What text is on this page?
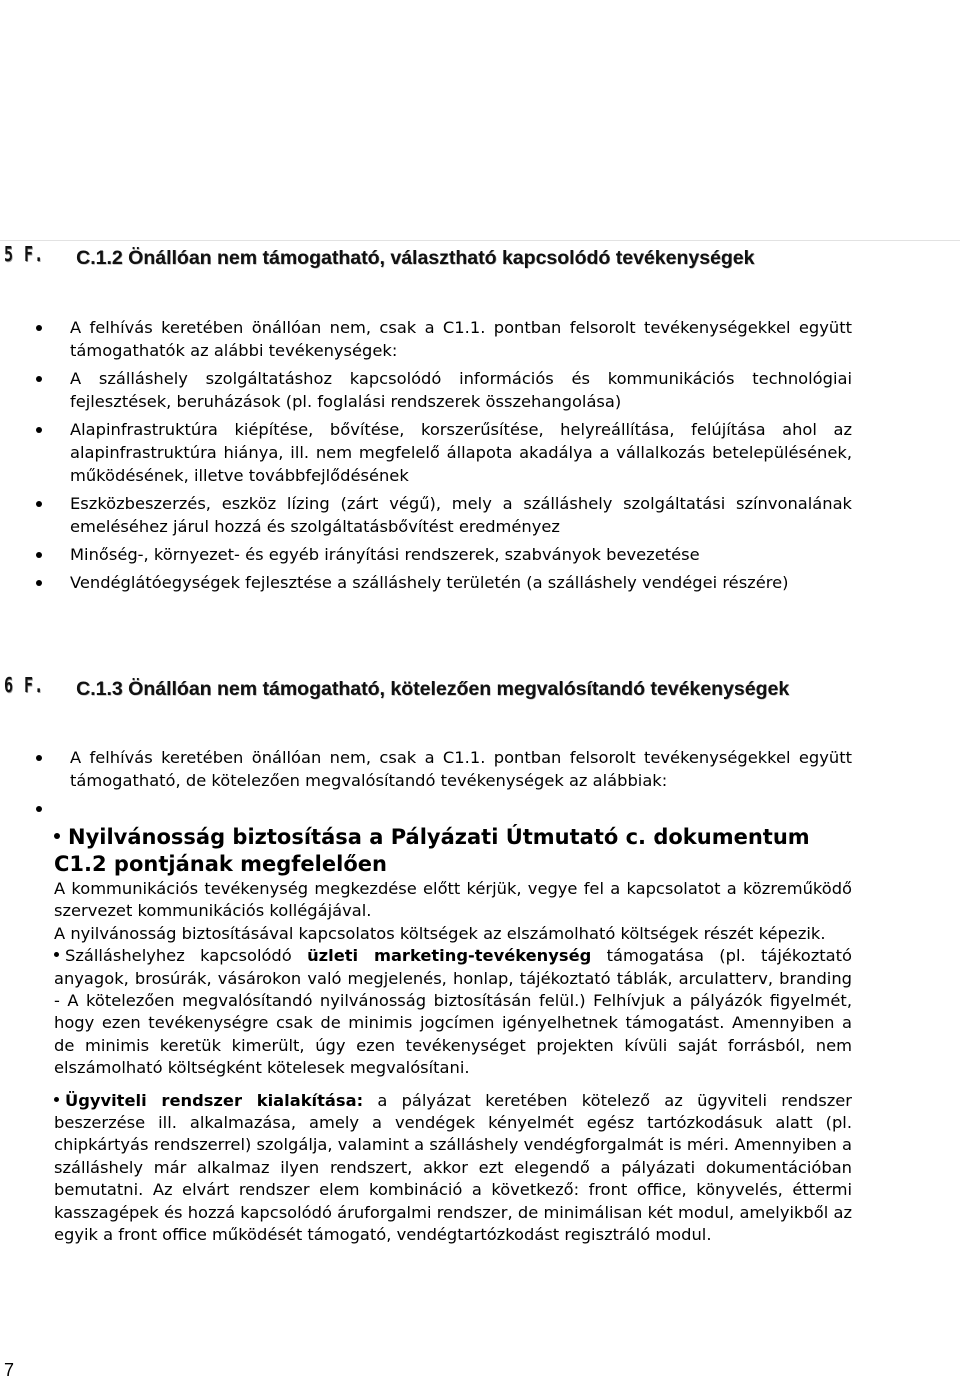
5 F. C.1.2 Önállóan nem támogatható, választható kapcsolódó tevékenységek
A felhívás keretében önállóan nem, csak a C1.1. pontban felsorolt tevékenységekkel együtt támogathatók az alábbi tevékenységek:
A szálláshely szolgáltatáshoz kapcsolódó információs és kommunikációs technológiai fejlesztések, beruházások (pl. foglalási rendszerek összehangolása)
Alapinfrastruktúra kiépítése, bővítése, korszerűsítése, helyreállítása, felújítása ahol az alapinfrastruktúra hiánya, ill. nem megfelelő állapota akadálya a vállalkozás betelepülésének, működésének, illetve továbbfejlődésének
Eszközbeszerzés, eszköz lízing (zárt végű), mely a szálláshely szolgáltatási színvonalának emeléséhez járul hozzá és szolgáltatásbővítést eredményez
Minőség-, környezet- és egyéb irányítási rendszerek, szabványok bevezetése
Vendéglátóegységek fejlesztése a szálláshely területén (a szálláshely vendégei részére)
6 F. C.1.3 Önállóan nem támogatható, kötelezően megvalósítandó tevékenységek
A felhívás keretében önállóan nem, csak a C1.1. pontban felsorolt tevékenységekkel együtt támogatható, de kötelezően megvalósítandó tevékenységek az alábbiak:
Nyilvánosság biztosítása a Pályázati Útmutató c. dokumentum C1.2 pontjának megfelelően

A kommunikációs tevékenység megkezdése előtt kérjük, vegye fel a kapcsolatot a közreműködő szervezet kommunikációs kollégájával.

A nyilvánosság biztosításával kapcsolatos költségek az elszámolható költségek részét képezik.

Szálláshelyhez kapcsolódó üzleti marketing-tevékenység támogatása (pl. tájékoztató anyagok, brosúrák, vásárokon való megjelenés, honlap, tájékoztató táblák, arculatterv, branding - A kötelezően megvalósítandó nyilvánosság biztosításán felül.) Felhívjuk a pályázók figyelmét, hogy ezen tevékenységre csak de minimis jogcímen igényelhetnek támogatást. Amennyiben a de minimis keretük kimerült, úgy ezen tevékenységet projekten kívüli saját forrásból, nem elszámolható költségként kötelesek megvalósítani.

Ügyviteli rendszer kialakítása: a pályázat keretében kötelező az ügyviteli rendszer beszerzése ill. alkalmazása, amely a vendégek kényelmét egész tartózkodásuk alatt (pl. chipkártyás rendszerrel) szolgálja, valamint a szálláshely vendégforgalmát is méri. Amennyiben a szálláshely már alkalmaz ilyen rendszert, akkor ezt elegendő a pályázati dokumentációban bemutatni. Az elvárt rendszer elem kombináció a következő: front office, könyvelés, éttermi kasszagépek és hozzá kapcsolódó áruforgalmi rendszer, de minimálisan két modul, amelyikből az egyik a front office működését támogató, vendégtartózkodást regisztráló modul.

7
